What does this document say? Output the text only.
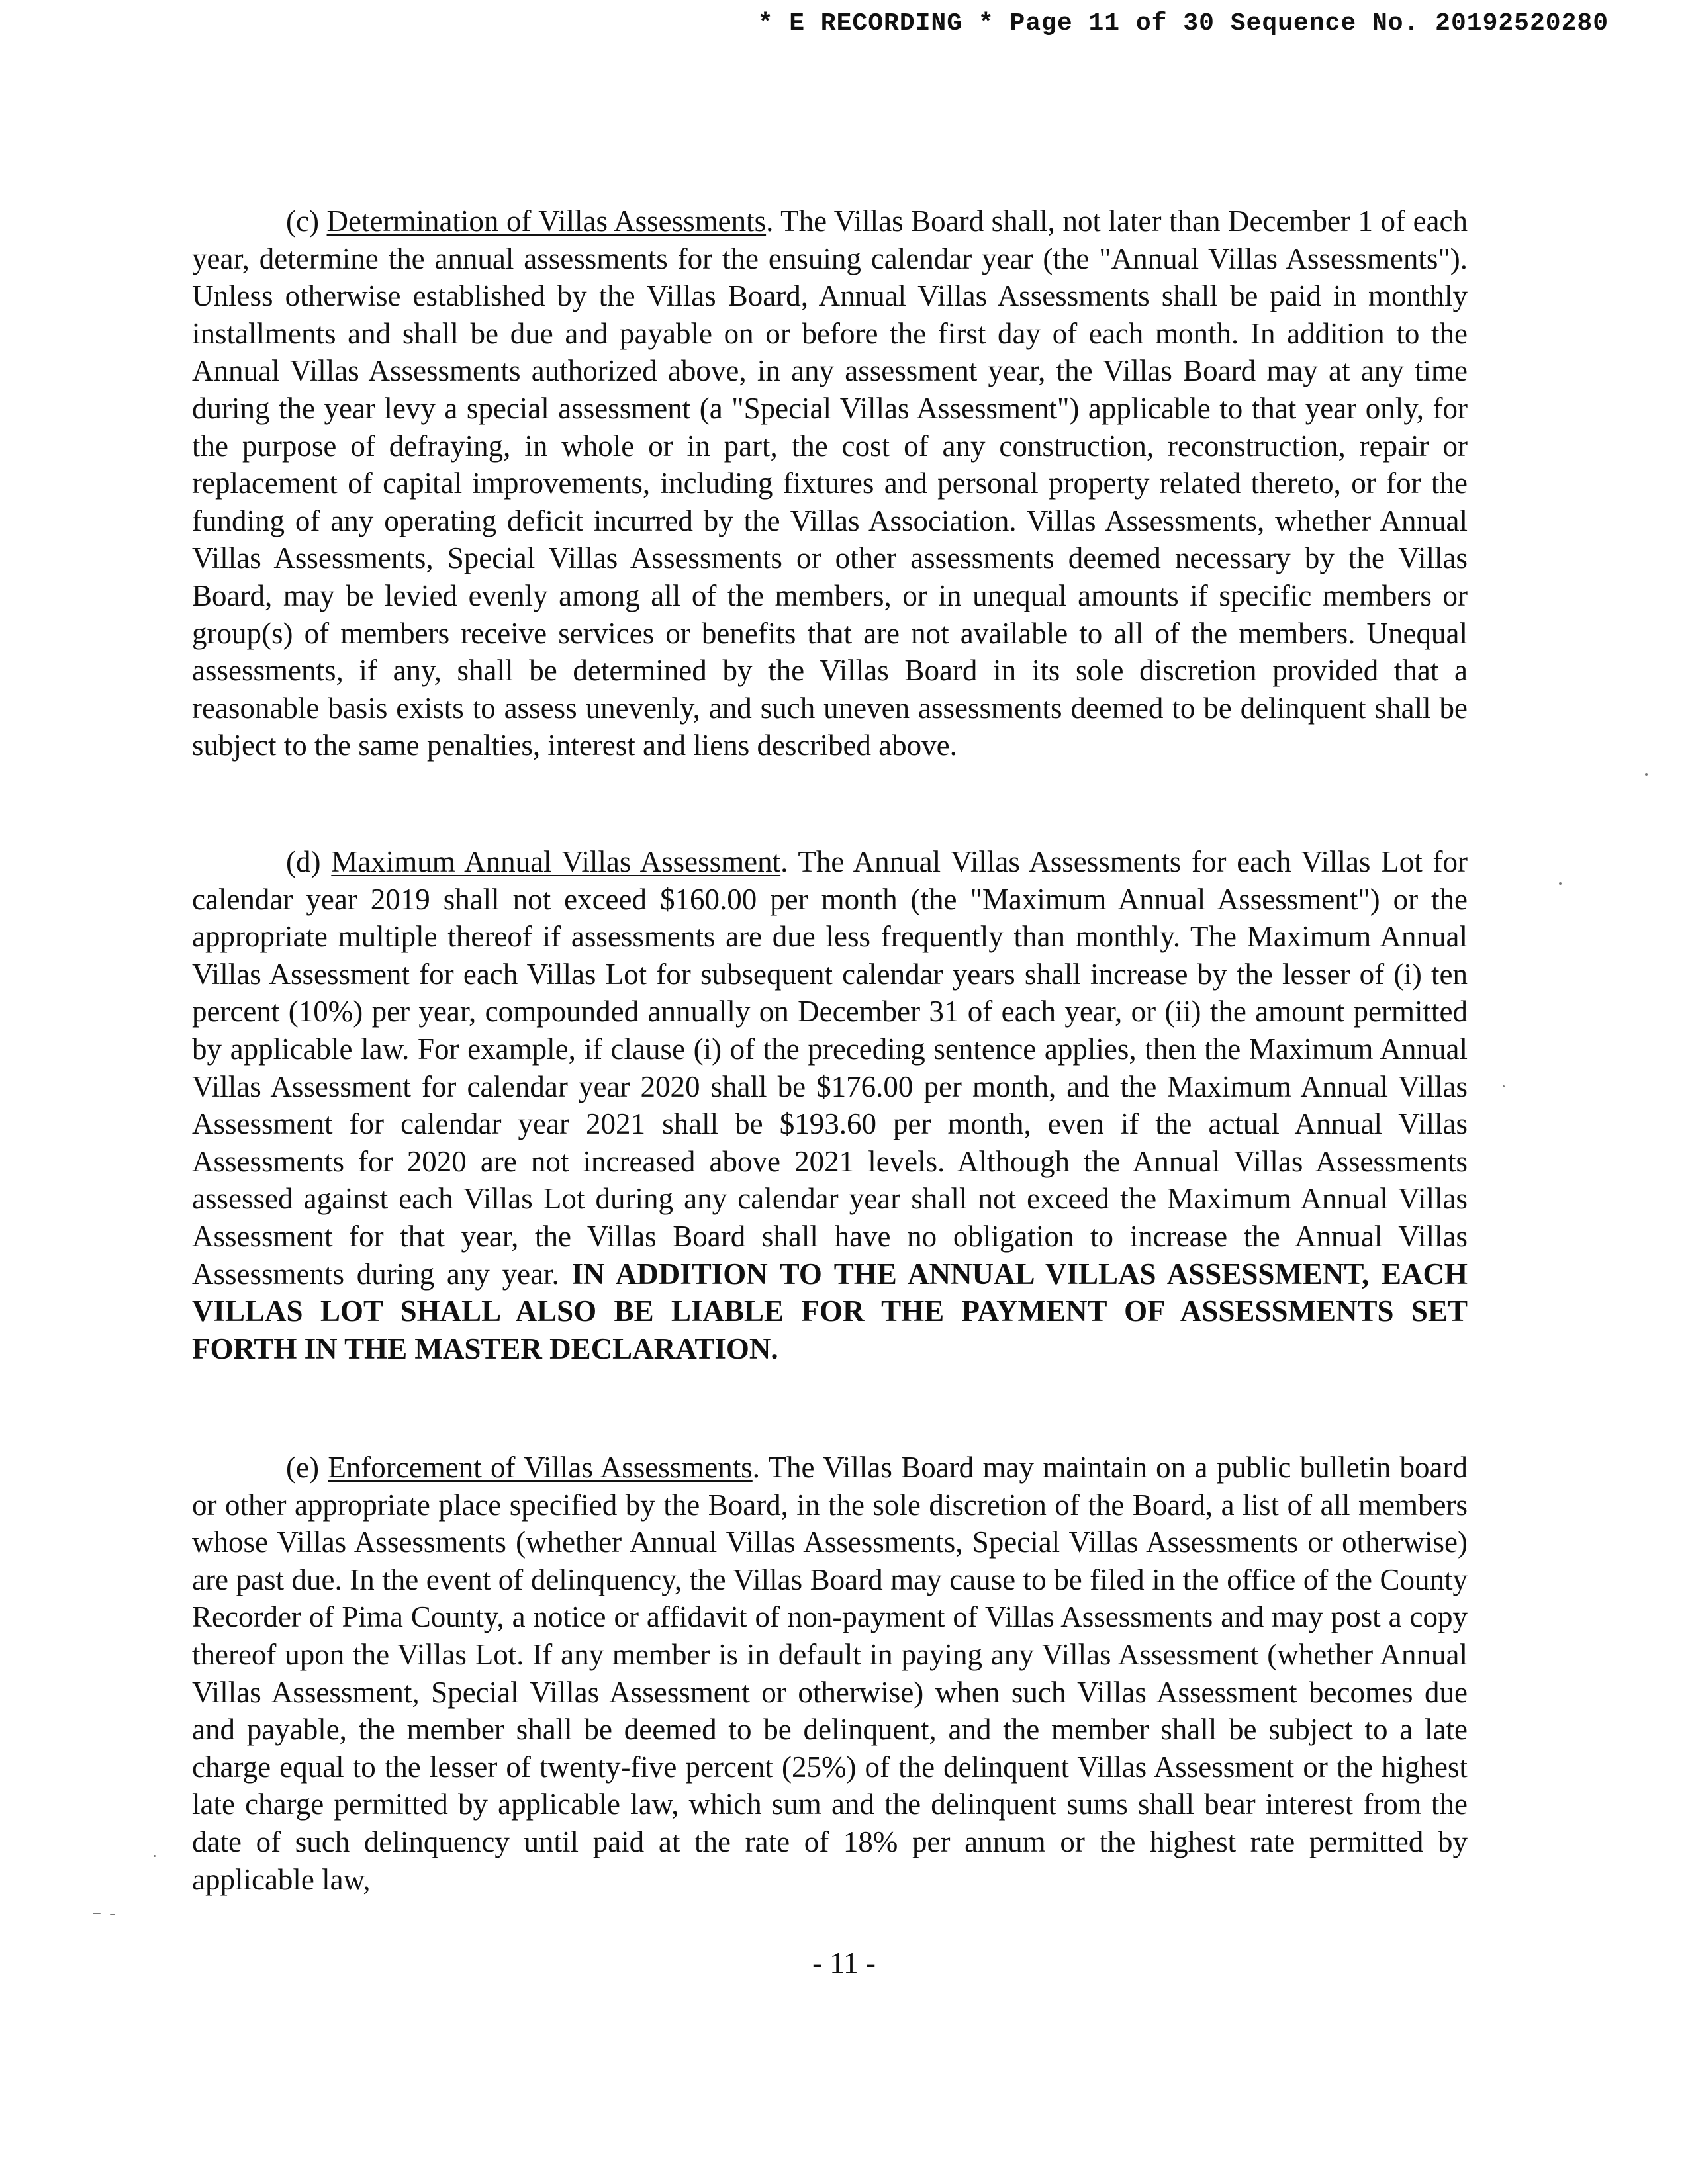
* E RECORDING * Page 11 of 30 Sequence No. 20192520280

(c) Determination of Villas Assessments. The Villas Board shall, not later than December 1 of each year, determine the annual assessments for the ensuing calendar year (the "Annual Villas Assessments"). Unless otherwise established by the Villas Board, Annual Villas Assessments shall be paid in monthly installments and shall be due and payable on or before the first day of each month. In addition to the Annual Villas Assessments authorized above, in any assessment year, the Villas Board may at any time during the year levy a special assessment (a "Special Villas Assessment") applicable to that year only, for the purpose of defraying, in whole or in part, the cost of any construction, reconstruction, repair or replacement of capital improvements, including fixtures and personal property related thereto, or for the funding of any operating deficit incurred by the Villas Association. Villas Assessments, whether Annual Villas Assessments, Special Villas Assessments or other assessments deemed necessary by the Villas Board, may be levied evenly among all of the members, or in unequal amounts if specific members or group(s) of members receive services or benefits that are not available to all of the members. Unequal assessments, if any, shall be determined by the Villas Board in its sole discretion provided that a reasonable basis exists to assess unevenly, and such uneven assessments deemed to be delinquent shall be subject to the same penalties, interest and liens described above.

(d) Maximum Annual Villas Assessment. The Annual Villas Assessments for each Villas Lot for calendar year 2019 shall not exceed $160.00 per month (the "Maximum Annual Assessment") or the appropriate multiple thereof if assessments are due less frequently than monthly. The Maximum Annual Villas Assessment for each Villas Lot for subsequent calendar years shall increase by the lesser of (i) ten percent (10%) per year, compounded annually on December 31 of each year, or (ii) the amount permitted by applicable law. For example, if clause (i) of the preceding sentence applies, then the Maximum Annual Villas Assessment for calendar year 2020 shall be $176.00 per month, and the Maximum Annual Villas Assessment for calendar year 2021 shall be $193.60 per month, even if the actual Annual Villas Assessments for 2020 are not increased above 2021 levels. Although the Annual Villas Assessments assessed against each Villas Lot during any calendar year shall not exceed the Maximum Annual Villas Assessment for that year, the Villas Board shall have no obligation to increase the Annual Villas Assessments during any year. IN ADDITION TO THE ANNUAL VILLAS ASSESSMENT, EACH VILLAS LOT SHALL ALSO BE LIABLE FOR THE PAYMENT OF ASSESSMENTS SET FORTH IN THE MASTER DECLARATION.

(e) Enforcement of Villas Assessments. The Villas Board may maintain on a public bulletin board or other appropriate place specified by the Board, in the sole discretion of the Board, a list of all members whose Villas Assessments (whether Annual Villas Assessments, Special Villas Assessments or otherwise) are past due. In the event of delinquency, the Villas Board may cause to be filed in the office of the County Recorder of Pima County, a notice or affidavit of non-payment of Villas Assessments and may post a copy thereof upon the Villas Lot. If any member is in default in paying any Villas Assessment (whether Annual Villas Assessment, Special Villas Assessment or otherwise) when such Villas Assessment becomes due and payable, the member shall be deemed to be delinquent, and the member shall be subject to a late charge equal to the lesser of twenty-five percent (25%) of the delinquent Villas Assessment or the highest late charge permitted by applicable law, which sum and the delinquent sums shall bear interest from the date of such delinquency until paid at the rate of 18% per annum or the highest rate permitted by applicable law,

- 11 -
